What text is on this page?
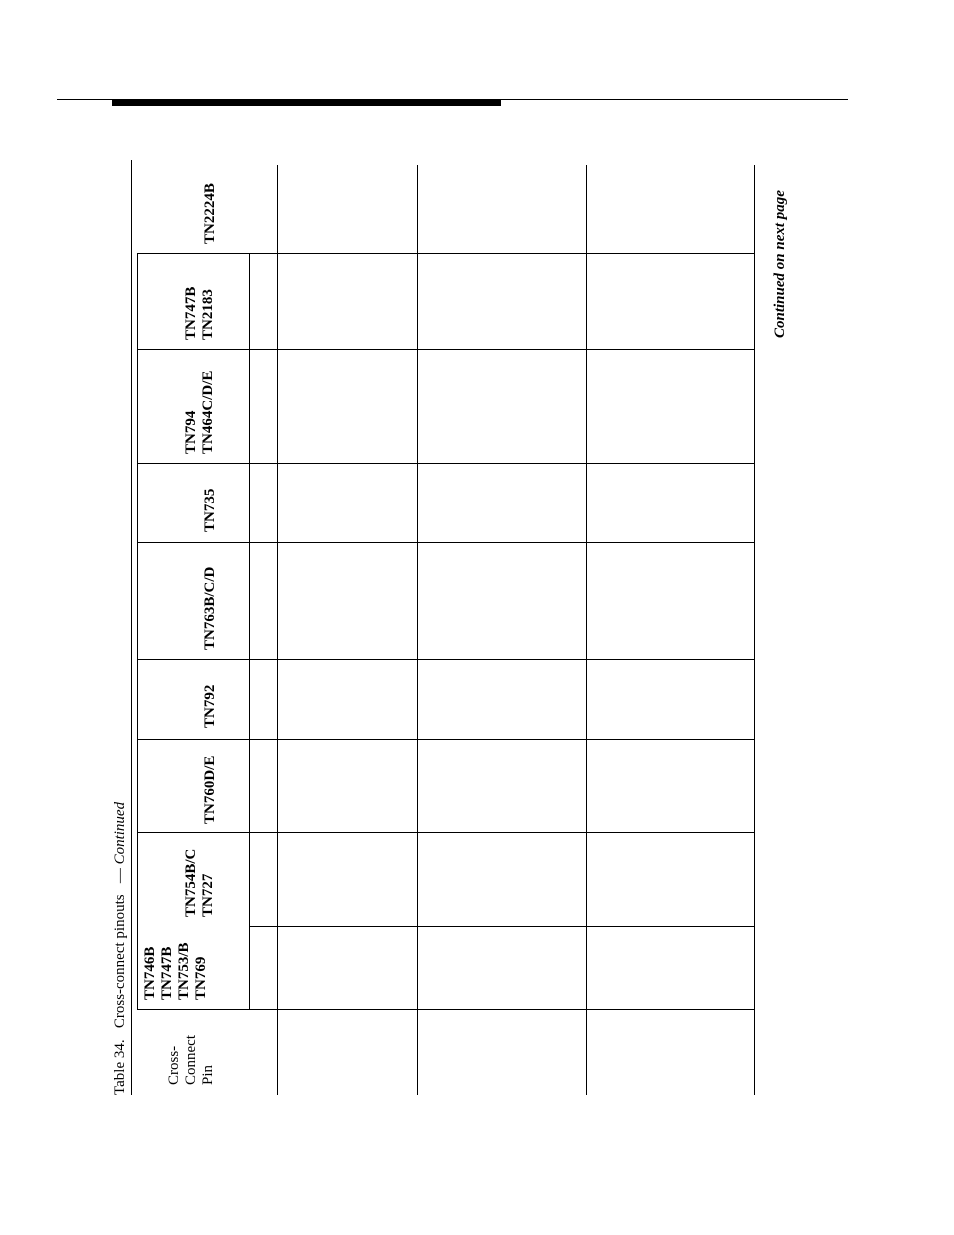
Table 34.   Cross-connect pinouts   — Continued
Cross- Connect Pin
TN746B TN747B TN753/B TN769
TN754B/C TN727
TN760D/E
TN792
TN763B/C/D
TN735
TN794 TN464C/D/E
TN747B TN2183
TN2224B	Continued on next page
